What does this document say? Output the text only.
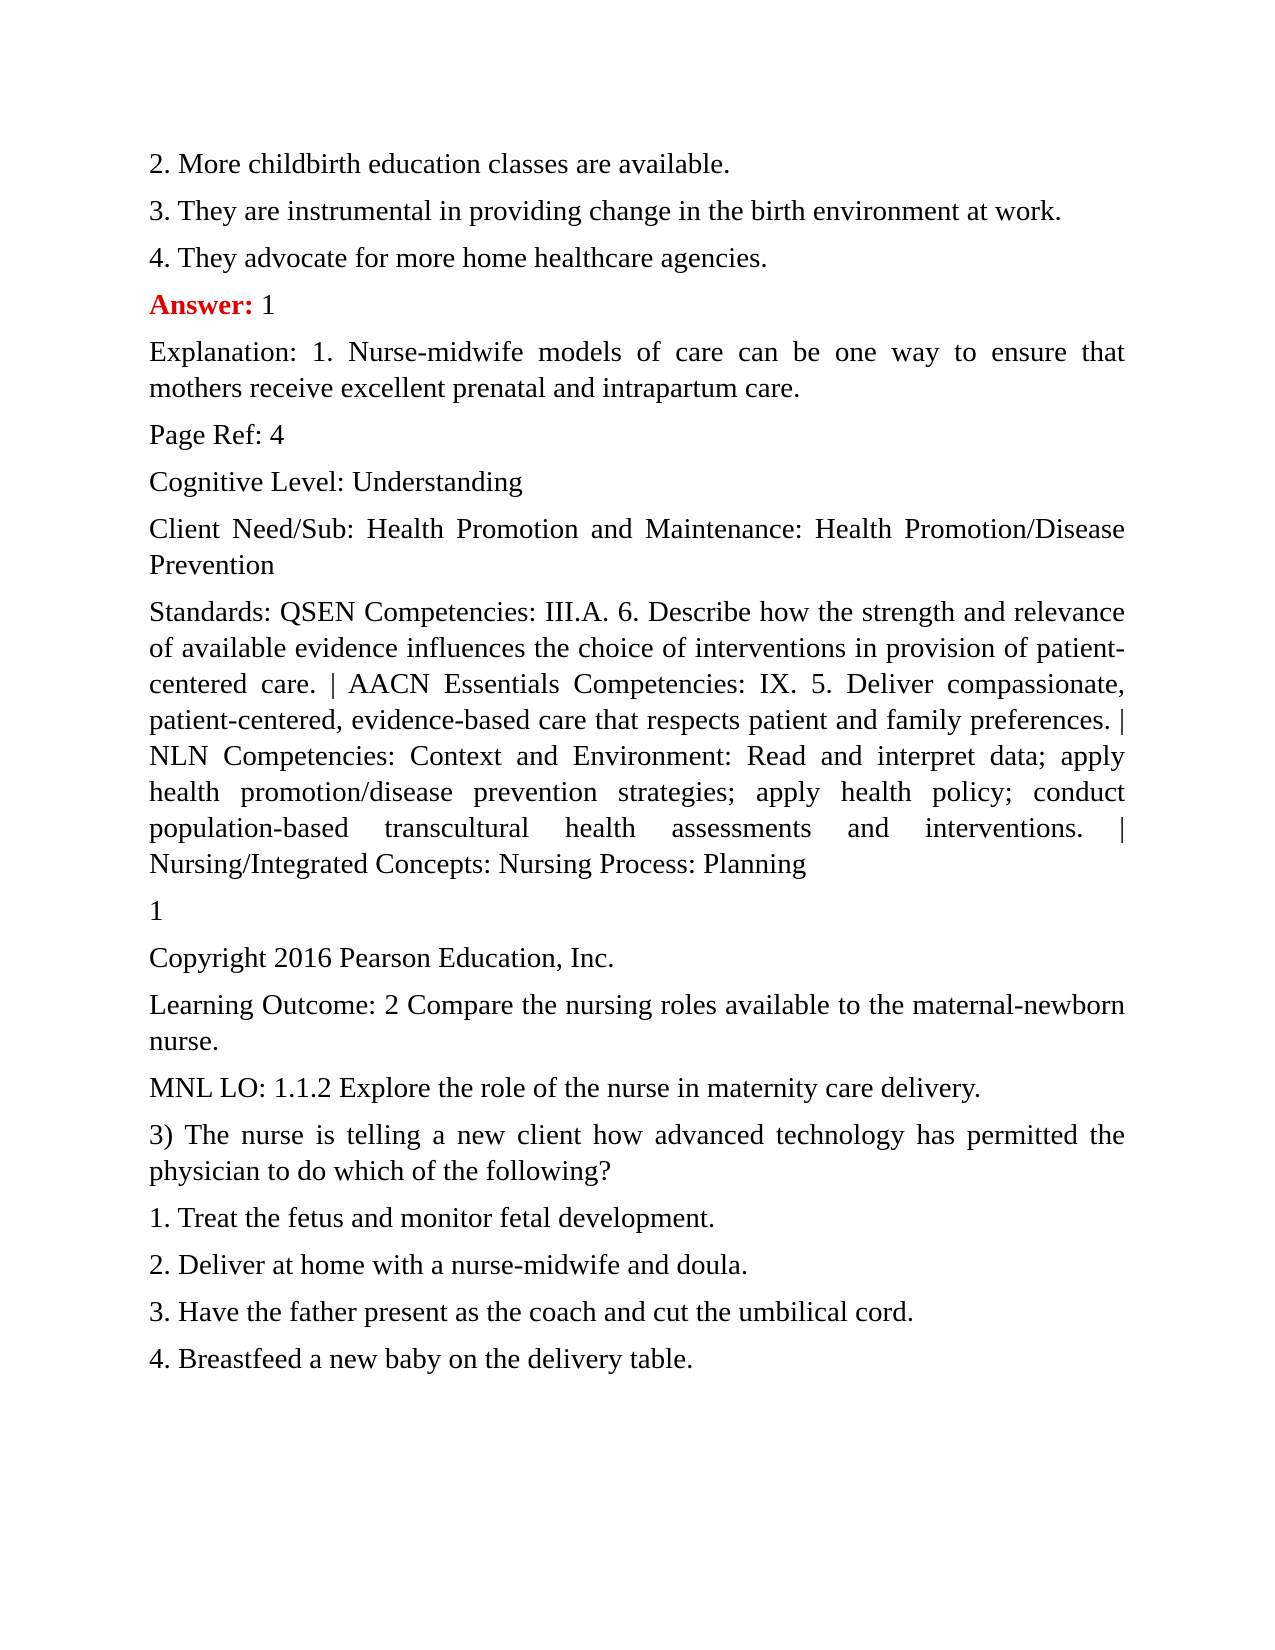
2. More childbirth education classes are available.

3. They are instrumental in providing change in the birth environment at work.

4. They advocate for more home healthcare agencies.

Answer: 1

Explanation: 1. Nurse-midwife models of care can be one way to ensure that mothers receive excellent prenatal and intrapartum care.

Page Ref: 4

Cognitive Level: Understanding

Client Need/Sub: Health Promotion and Maintenance: Health Promotion/Disease Prevention

Standards: QSEN Competencies: III.A. 6. Describe how the strength and relevance of available evidence influences the choice of interventions in provision of patient-centered care. | AACN Essentials Competencies: IX. 5. Deliver compassionate, patient-centered, evidence-based care that respects patient and family preferences. | NLN Competencies: Context and Environment: Read and interpret data; apply health promotion/disease prevention strategies; apply health policy; conduct population-based transcultural health assessments and interventions. | Nursing/Integrated Concepts: Nursing Process: Planning

1

Copyright 2016 Pearson Education, Inc.

Learning Outcome: 2 Compare the nursing roles available to the maternal-newborn nurse.

MNL LO: 1.1.2 Explore the role of the nurse in maternity care delivery.

3) The nurse is telling a new client how advanced technology has permitted the physician to do which of the following?

1. Treat the fetus and monitor fetal development.

2. Deliver at home with a nurse-midwife and doula.

3. Have the father present as the coach and cut the umbilical cord.

4. Breastfeed a new baby on the delivery table.
